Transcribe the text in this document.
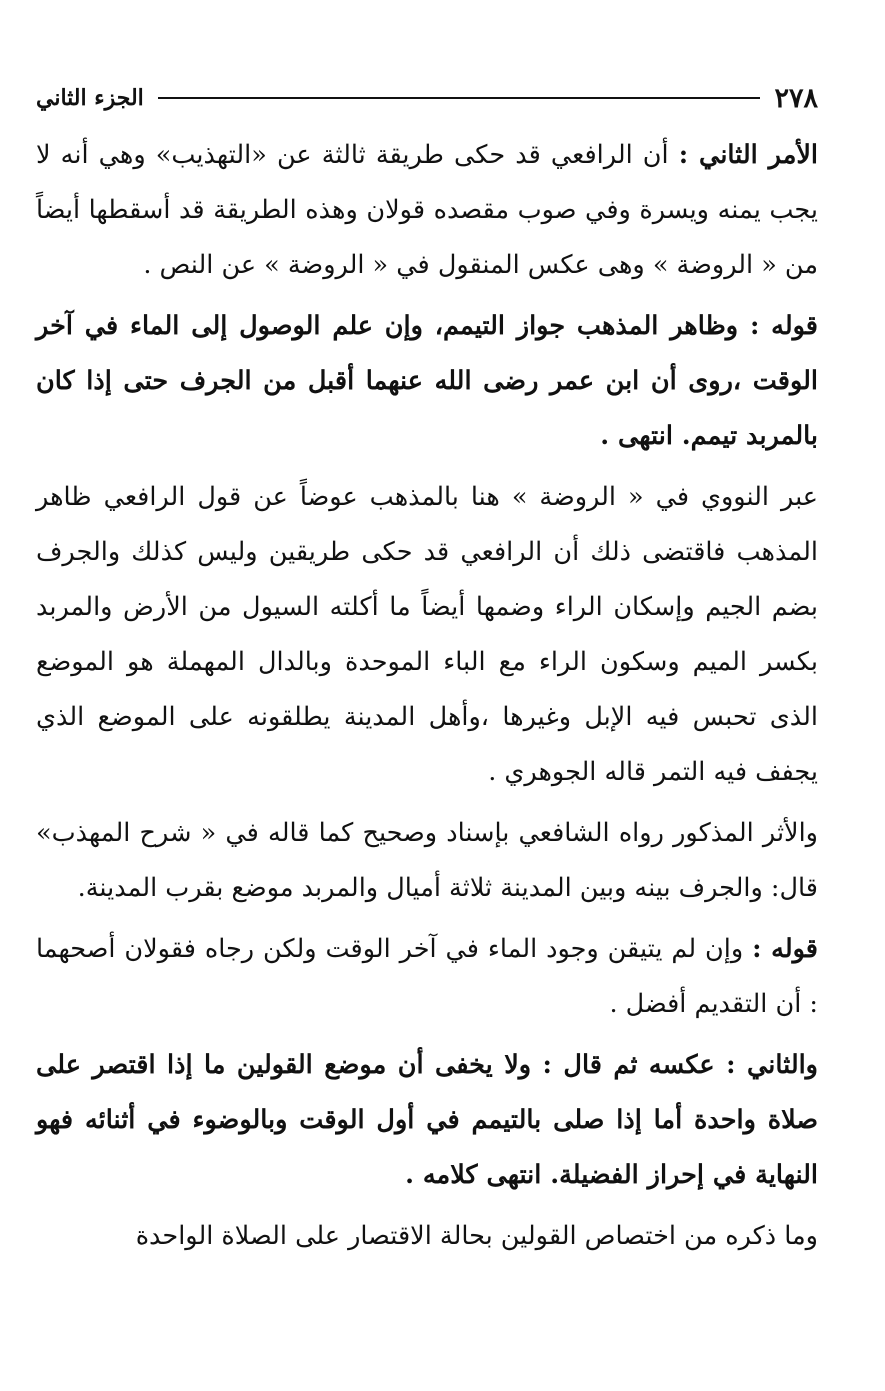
٢٧٨
الجزء الثاني

الأمر الثاني : أن الرافعي قد حكى طريقة ثالثة عن «التهذيب» وهي أنه لا يجب يمنه ويسرة وفي صوب مقصده قولان وهذه الطريقة قد أسقطها أيضاً من « الروضة » وهى عكس المنقول في « الروضة » عن النص .

قوله : وظاهر المذهب جواز التيمم، وإن علم الوصول إلى الماء في آخر الوقت ،روى أن ابن عمر رضى الله عنهما أقبل من الجرف حتى إذا كان بالمربد تيمم. انتهى .

عبر النووي في « الروضة » هنا بالمذهب عوضاً عن قول الرافعي ظاهر المذهب فاقتضى ذلك أن الرافعي قد حكى طريقين وليس كذلك والجرف بضم الجيم وإسكان الراء وضمها أيضاً ما أكلته السيول من الأرض والمربد بكسر الميم وسكون الراء مع الباء الموحدة وبالدال المهملة هو الموضع الذى تحبس فيه الإبل وغيرها ،وأهل المدينة يطلقونه على الموضع الذي يجفف فيه التمر قاله الجوهري .

والأثر المذكور رواه الشافعي بإسناد وصحيح كما قاله في « شرح المهذب» قال: والجرف بينه وبين المدينة ثلاثة أميال والمربد موضع بقرب المدينة.

قوله : وإن لم يتيقن وجود الماء في آخر الوقت ولكن رجاه فقولان أصحهما : أن التقديم أفضل .

والثاني : عكسه ثم قال : ولا يخفى أن موضع القولين ما إذا اقتصر على صلاة واحدة أما إذا صلى بالتيمم في أول الوقت وبالوضوء في أثنائه فهو النهاية في إحراز الفضيلة. انتهى كلامه .

وما ذكره من اختصاص القولين بحالة الاقتصار على الصلاة الواحدة
